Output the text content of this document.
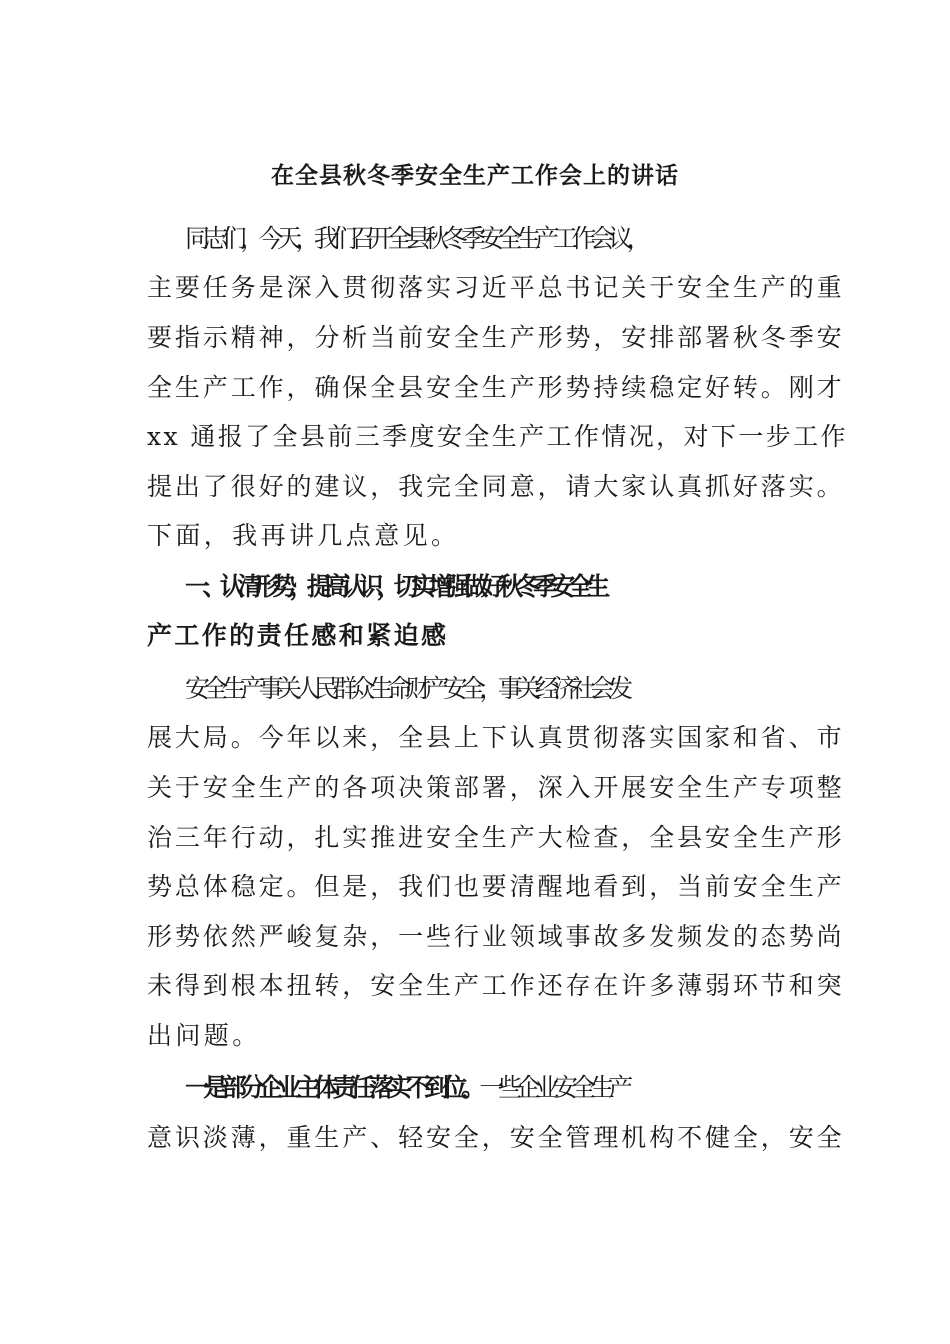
在全县秋冬季安全生产工作会上的讲话
同志们，今天，我们召开全县秋冬季安全生产工作会议，
主要任务是深入贯彻落实习近平总书记关于安全生产的重
要指示精神，分析当前安全生产形势，安排部署秋冬季安
全生产工作，确保全县安全生产形势持续稳定好转。刚才
xx 通报了全县前三季度安全生产工作情况，对下一步工作
提出了很好的建议，我完全同意，请大家认真抓好落实。
下面，我再讲几点意见。
一、认清形势，提高认识，切实增强做好秋冬季安全生
产工作的责任感和紧迫感
安全生产事关人民群众生命财产安全，事关经济社会发
展大局。今年以来，全县上下认真贯彻落实国家和省、市
关于安全生产的各项决策部署，深入开展安全生产专项整
治三年行动，扎实推进安全生产大检查，全县安全生产形
势总体稳定。但是，我们也要清醒地看到，当前安全生产
形势依然严峻复杂，一些行业领域事故多发频发的态势尚
未得到根本扭转，安全生产工作还存在许多薄弱环节和突
出问题。
一是部分企业主体责任落实不到位。一些企业安全生产
意识淡薄，重生产、轻安全，安全管理机构不健全，安全
